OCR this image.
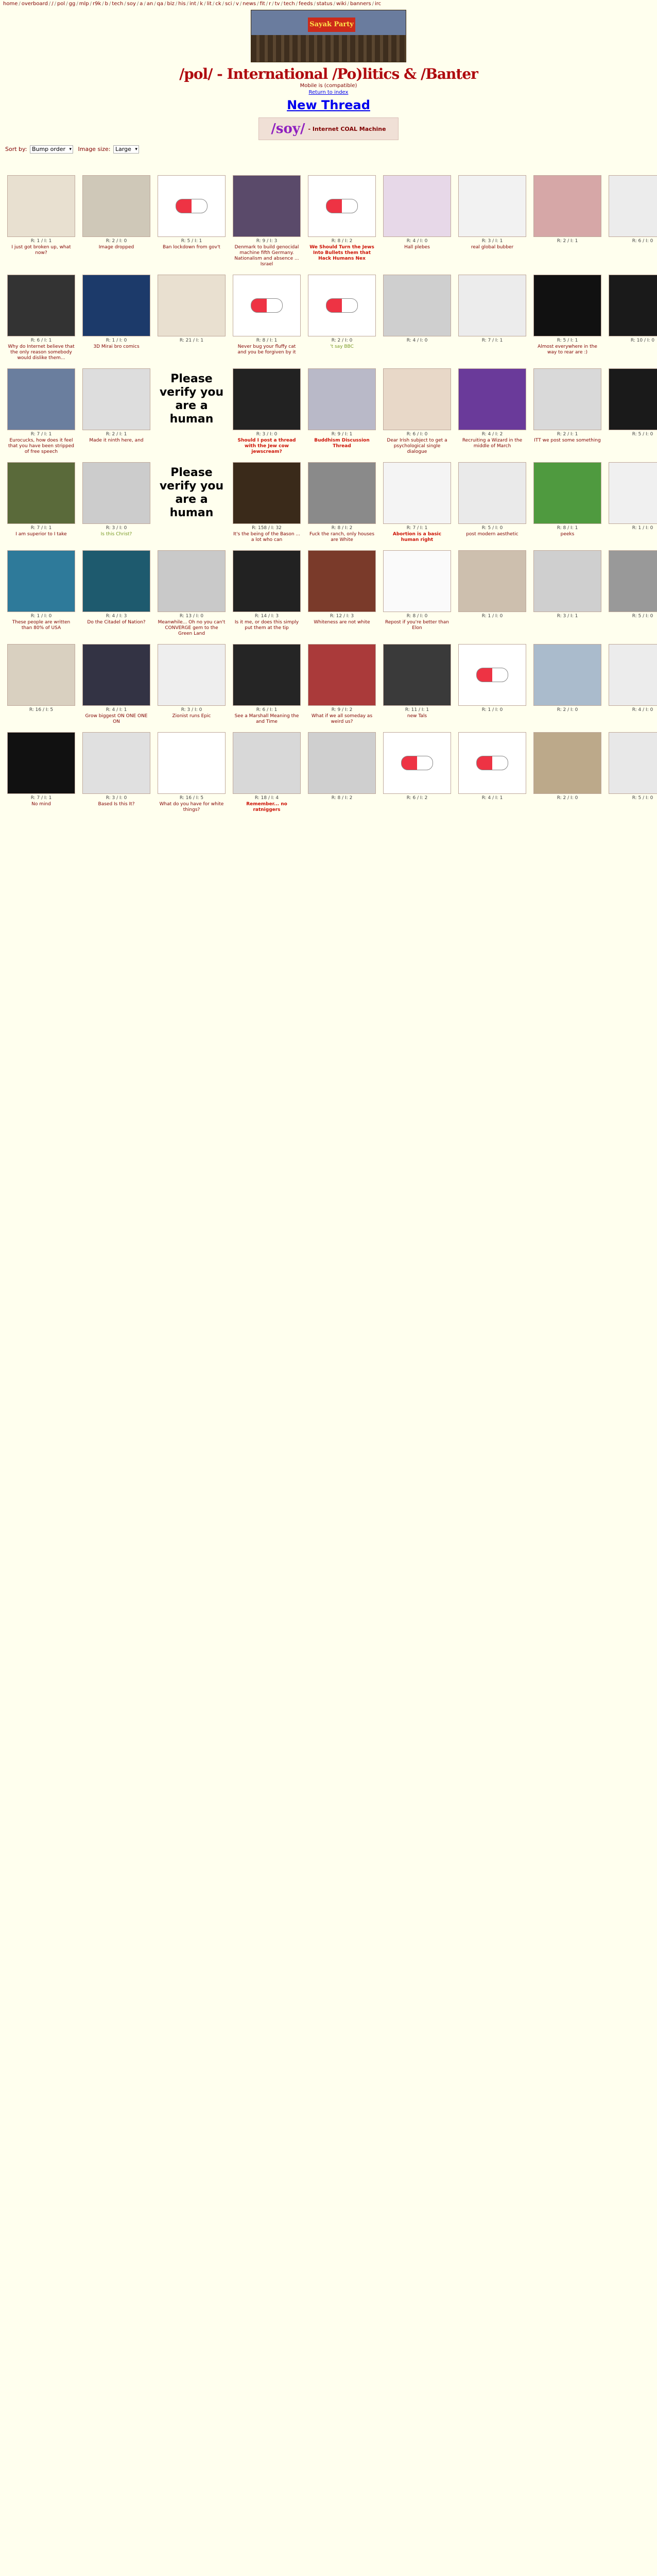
home / overboard / / / pol / gg / mlp / r9k / b / tech / soy / a / an / qa / biz / his / int / k / lit / ck / sci / v / news / fit / r / tv / tech / feeds / status / wiki / banners / irc
Sayak Party
/pol/ - International /Po)litics & /Banter
Mobile is (compatible)
Return to index
New Thread
/soy/ - Internet COAL Machine
Sort by: Bump order ▾ Image size: Large ▾
R: 1 / I: 1
I just got broken up, what now?
R: 2 / I: 0
Image dropped
R: 5 / I: 1
Ban lockdown from gov't
R: 9 / I: 3
Denmark to build genocidal machine fifth Germany. Nationalism and absence ... Israel
R: 8 / I: 2
We Should Turn the Jews Into Bullets them that Hack Humans Nex
R: 4 / I: 0
Hall plebes
R: 3 / I: 1
real global bubber
R: 2 / I: 1	R: 6 / I: 0
R: 6 / I: 1
Why do Internet believe that the only reason somebody would dislike them...
R: 1 / I: 0
3D Mirai bro comics
R: 21 / I: 1	R: 8 / I: 1
Never bug your fluffy cat and you be forgiven by it
R: 2 / I: 0
't say BBC
R: 4 / I: 0	R: 7 / I: 1	R: 5 / I: 1
Almost everywhere in the way to rear are :)
R: 10 / I: 0
R: 7 / I: 1
Eurocucks, how does it feel that you have been stripped of free speech
R: 2 / I: 1
Made it ninth here, and
Please verify you are a human
R: 3 / I: 0
Should I post a thread with the Jew cow jewscream?
R: 9 / I: 1
Buddhism Discussion Thread
R: 6 / I: 0
Dear Irish subject to get a psychological single dialogue
R: 4 / I: 2
Recruiting a Wizard in the middle of March
R: 2 / I: 1
ITT we post some something
R: 5 / I: 0
R: 7 / I: 1
I am superior to I take
R: 3 / I: 0
Is this Christ?
Please verify you are a human
R: 158 / I: 32
It's the being of the Bason ... a lot who can
R: 8 / I: 2
Fuck the ranch, only houses are White
R: 7 / I: 1
Abortion is a basic human right
R: 5 / I: 0
post modern aesthetic
R: 8 / I: 1
peeks
R: 1 / I: 0
R: 1 / I: 0
These people are written than 80% of USA
R: 4 / I: 3
Do the Citadel of Nation?
R: 13 / I: 0
Meanwhile... Oh no you can't CONVERGE gem to the Green Land
R: 14 / I: 3
Is it me, or does this simply put them at the tip
R: 12 / I: 3
Whiteness are not white
R: 8 / I: 0
Repost if you're better than Elon
R: 1 / I: 0	R: 3 / I: 1	R: 5 / I: 0
R: 16 / I: 5	R: 4 / I: 1
Grow biggest ON ONE ONE ON
R: 3 / I: 0
Zionist runs Epic
R: 6 / I: 1
See a Marshall Meaning the and Time
R: 9 / I: 2
What if we all someday as weird us?
R: 11 / I: 1
new Tals
R: 1 / I: 0	R: 2 / I: 0	R: 4 / I: 0
R: 7 / I: 1
No mind
R: 3 / I: 0
Based Is this It?
R: 16 / I: 5
What do you have for white things?
R: 18 / I: 4
Remember... no ratniggers
R: 8 / I: 2	R: 6 / I: 2	R: 4 / I: 1	R: 2 / I: 0	R: 5 / I: 0
